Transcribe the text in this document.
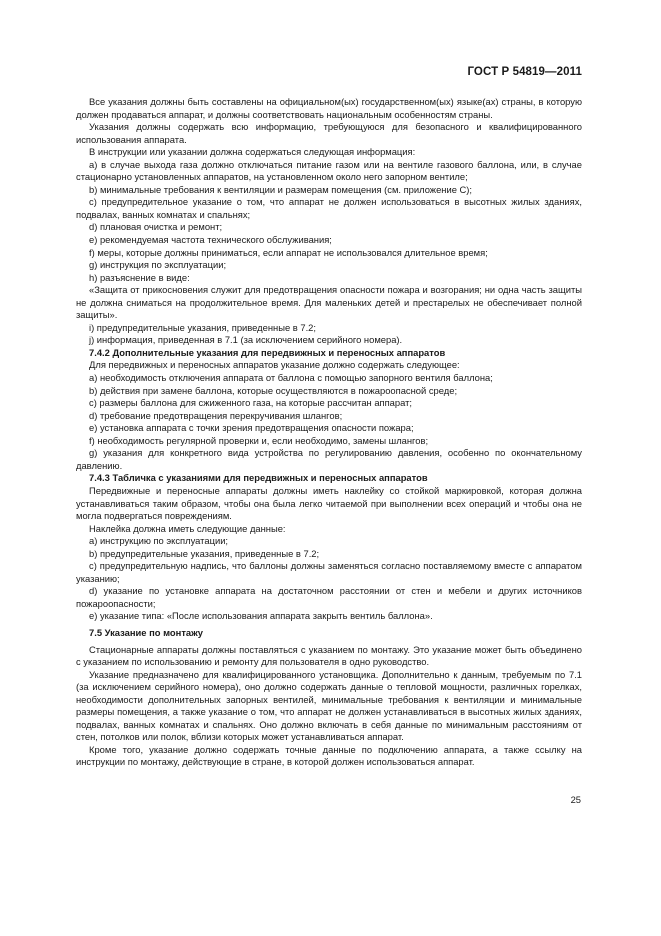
ГОСТ Р 54819—2011

Все указания должны быть составлены на официальном(ых) государственном(ых) языке(ах) страны, в которую должен продаваться аппарат, и должны соответствовать национальным особенностям страны.

Указания должны содержать всю информацию, требующуюся для безопасного и квалифицированного использования аппарата.

В инструкции или указании должна содержаться следующая информация:

а) в случае выхода газа должно отключаться питание газом или на вентиле газового баллона, или, в случае стационарно установленных аппаратов, на установленном около него запорном вентиле;

b) минимальные требования к вентиляции и размерам помещения (см. приложение С);

c) предупредительное указание о том, что аппарат не должен использоваться в высотных жилых зданиях, подвалах, ванных комнатах и спальнях;

d) плановая очистка и ремонт;

е) рекомендуемая частота технического обслуживания;

f) меры, которые должны приниматься, если аппарат не использовался длительное время;

g) инструкция по эксплуатации;

h) разъяснение в виде:

«Защита от прикосновения служит для предотвращения опасности пожара и возгорания; ни одна часть защиты не должна сниматься на продолжительное время. Для маленьких детей и престарелых не обеспечивает полной защиты».

i) предупредительные указания, приведенные в 7.2;

j) информация, приведенная в 7.1 (за исключением серийного номера).

7.4.2 Дополнительные указания для передвижных и переносных аппаратов

Для передвижных и переносных аппаратов указание должно содержать следующее:

a) необходимость отключения аппарата от баллона с помощью запорного вентиля баллона;

b) действия при замене баллона, которые осуществляются в пожароопасной среде;

c) размеры баллона для сжиженного газа, на которые рассчитан аппарат;

d) требование предотвращения перекручивания шлангов;

e) установка аппарата с точки зрения предотвращения опасности пожара;

f) необходимость регулярной проверки и, если необходимо, замены шлангов;

g) указания для конкретного вида устройства по регулированию давления, особенно по окончательному давлению.

7.4.3 Табличка с указаниями для передвижных и переносных аппаратов

Передвижные и переносные аппараты должны иметь наклейку со стойкой маркировкой, которая должна устанавливаться таким образом, чтобы она была легко читаемой при выполнении всех операций и чтобы она не могла подвергаться повреждениям.

Наклейка должна иметь следующие данные:

а) инструкцию по эксплуатации;

b) предупредительные указания, приведенные в 7.2;

c) предупредительную надпись, что баллоны должны заменяться согласно поставляемому вместе с аппаратом указанию;

d) указание по установке аппарата на достаточном расстоянии от стен и мебели и других источников пожароопасности;

e) указание типа: «После использования аппарата закрыть вентиль баллона».

7.5 Указание по монтажу

Стационарные аппараты должны поставляться с указанием по монтажу. Это указание может быть объединено с указанием по использованию и ремонту для пользователя в одно руководство.

Указание предназначено для квалифицированного установщика. Дополнительно к данным, требуемым по 7.1 (за исключением серийного номера), оно должно содержать данные о тепловой мощности, различных горелках, необходимости дополнительных запорных вентилей, минимальные требования к вентиляции и минимальные размеры помещения, а также указание о том, что аппарат не должен устанавливаться в высотных жилых зданиях, подвалах, ванных комнатах и спальнях. Оно должно включать в себя данные по минимальным расстояниям от стен, потолков или полок, вблизи которых может устанавливаться аппарат.

Кроме того, указание должно содержать точные данные по подключению аппарата, а также ссылку на инструкции по монтажу, действующие в стране, в которой должен использоваться аппарат.

25
